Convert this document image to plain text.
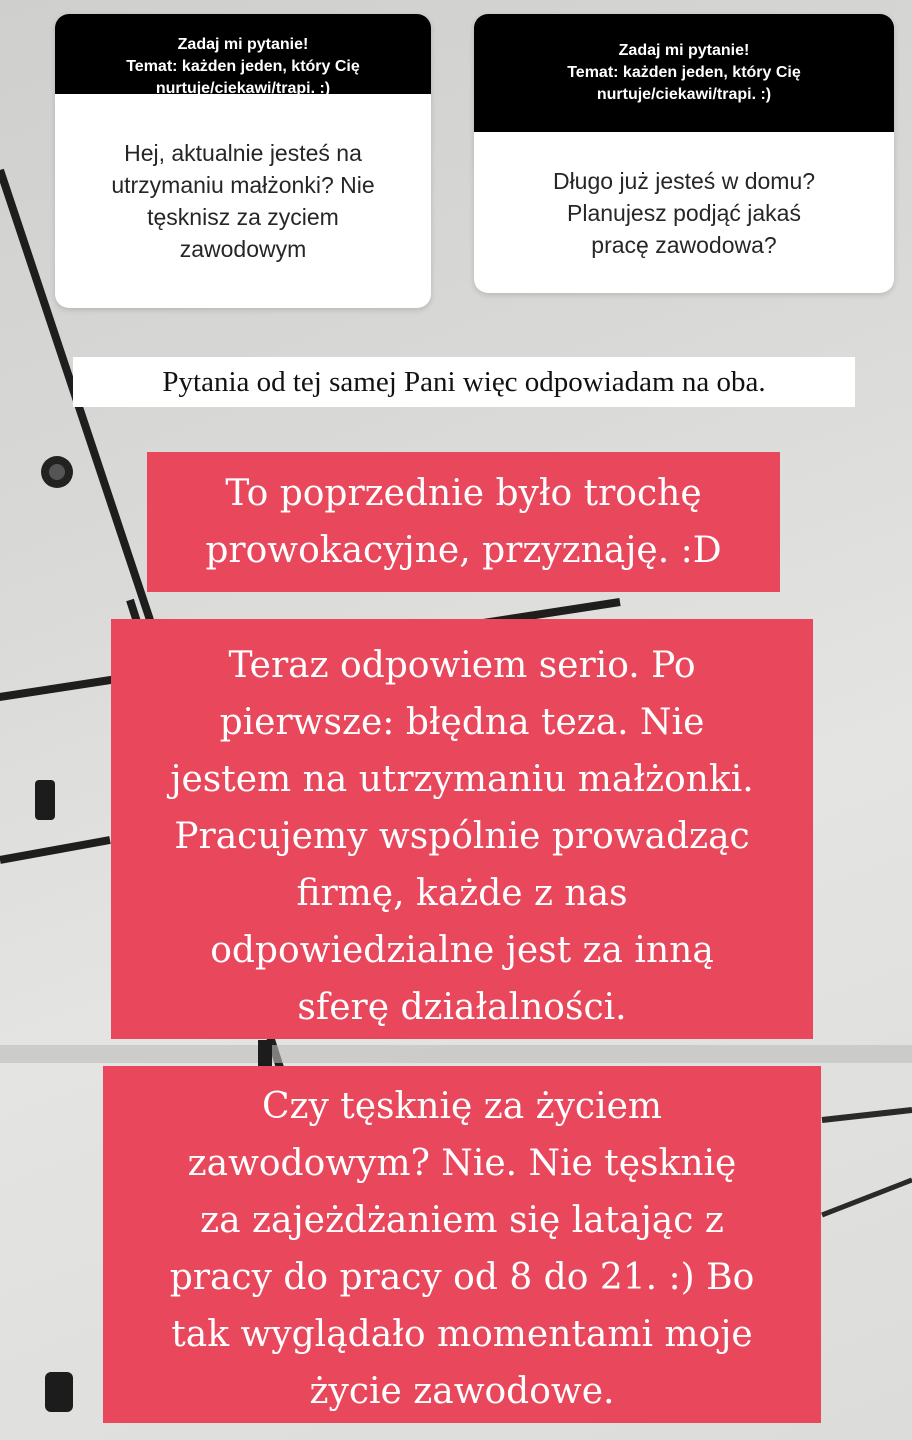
Zadaj mi pytanie!
Temat: każden jeden, który Cię
nurtuje/ciekawi/trapi. :)
Hej, aktualnie jesteś na
utrzymaniu małżonki? Nie
tęsknisz za zyciem
zawodowym
Zadaj mi pytanie!
Temat: każden jeden, który Cię
nurtuje/ciekawi/trapi. :)
Długo już jesteś w domu?
Planujesz podjąć jakaś
pracę zawodowa?
Pytania od tej samej Pani więc odpowiadam na oba.
To poprzednie było trochę
prowokacyjne, przyznaję. :D
Teraz odpowiem serio. Po
pierwsze: błędna teza. Nie
jestem na utrzymaniu małżonki.
Pracujemy wspólnie prowadząc
firmę, każde z nas
odpowiedzialne jest za inną
sferę działalności.
Czy tęsknię za życiem
zawodowym? Nie. Nie tęsknię
za zajeżdżaniem się latając z
pracy do pracy od 8 do 21. :) Bo
tak wyglądało momentami moje
życie zawodowe.
